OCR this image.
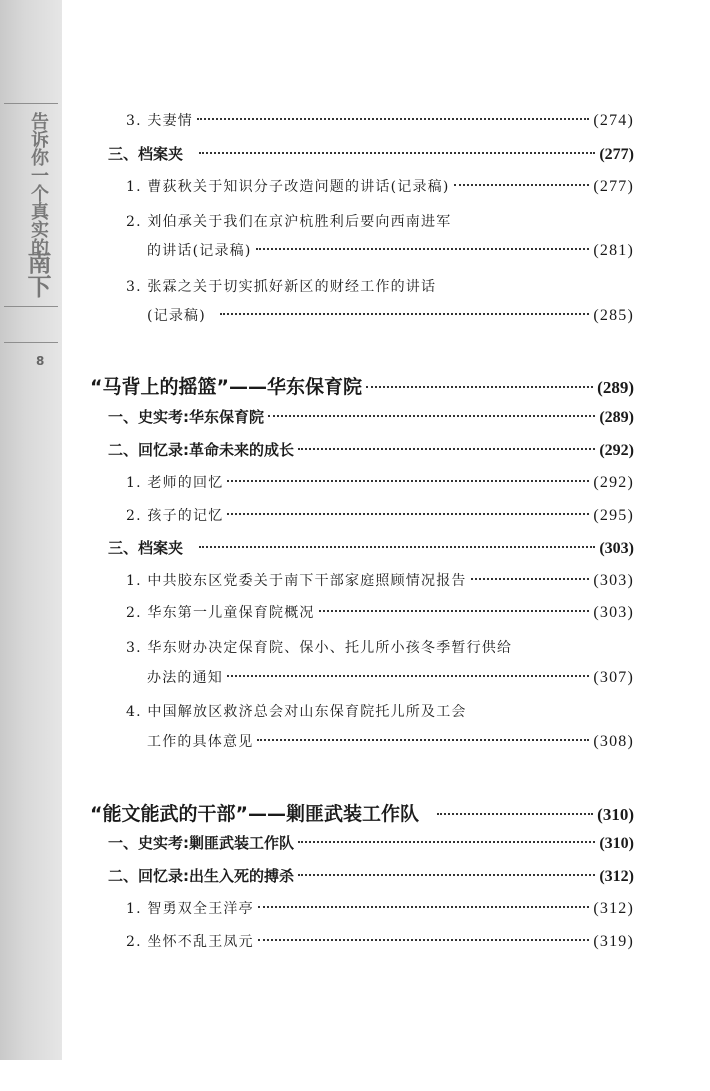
告诉你一个真实的
南下
8
3. 夫妻情	(274)
三、档案夹	(277)
1. 曹荻秋关于知识分子改造问题的讲话(记录稿)	(277)
2. 刘伯承关于我们在京沪杭胜利后要向西南进军
的讲话(记录稿)	(281)
3. 张霖之关于切实抓好新区的财经工作的讲话
(记录稿)	(285)
“马背上的摇篮”——华东保育院	(289)
一、史实考:华东保育院	(289)
二、回忆录:革命未来的成长	(292)
1. 老师的回忆	(292)
2. 孩子的记忆	(295)
三、档案夹	(303)
1. 中共胶东区党委关于南下干部家庭照顾情况报告	(303)
2. 华东第一儿童保育院概况	(303)
3. 华东财办决定保育院、保小、托儿所小孩冬季暂行供给
办法的通知	(307)
4. 中国解放区救济总会对山东保育院托儿所及工会
工作的具体意见	(308)
“能文能武的干部”——剿匪武装工作队	(310)
一、史实考:剿匪武装工作队	(310)
二、回忆录:出生入死的搏杀	(312)
1. 智勇双全王洋亭	(312)
2. 坐怀不乱王凤元	(319)
